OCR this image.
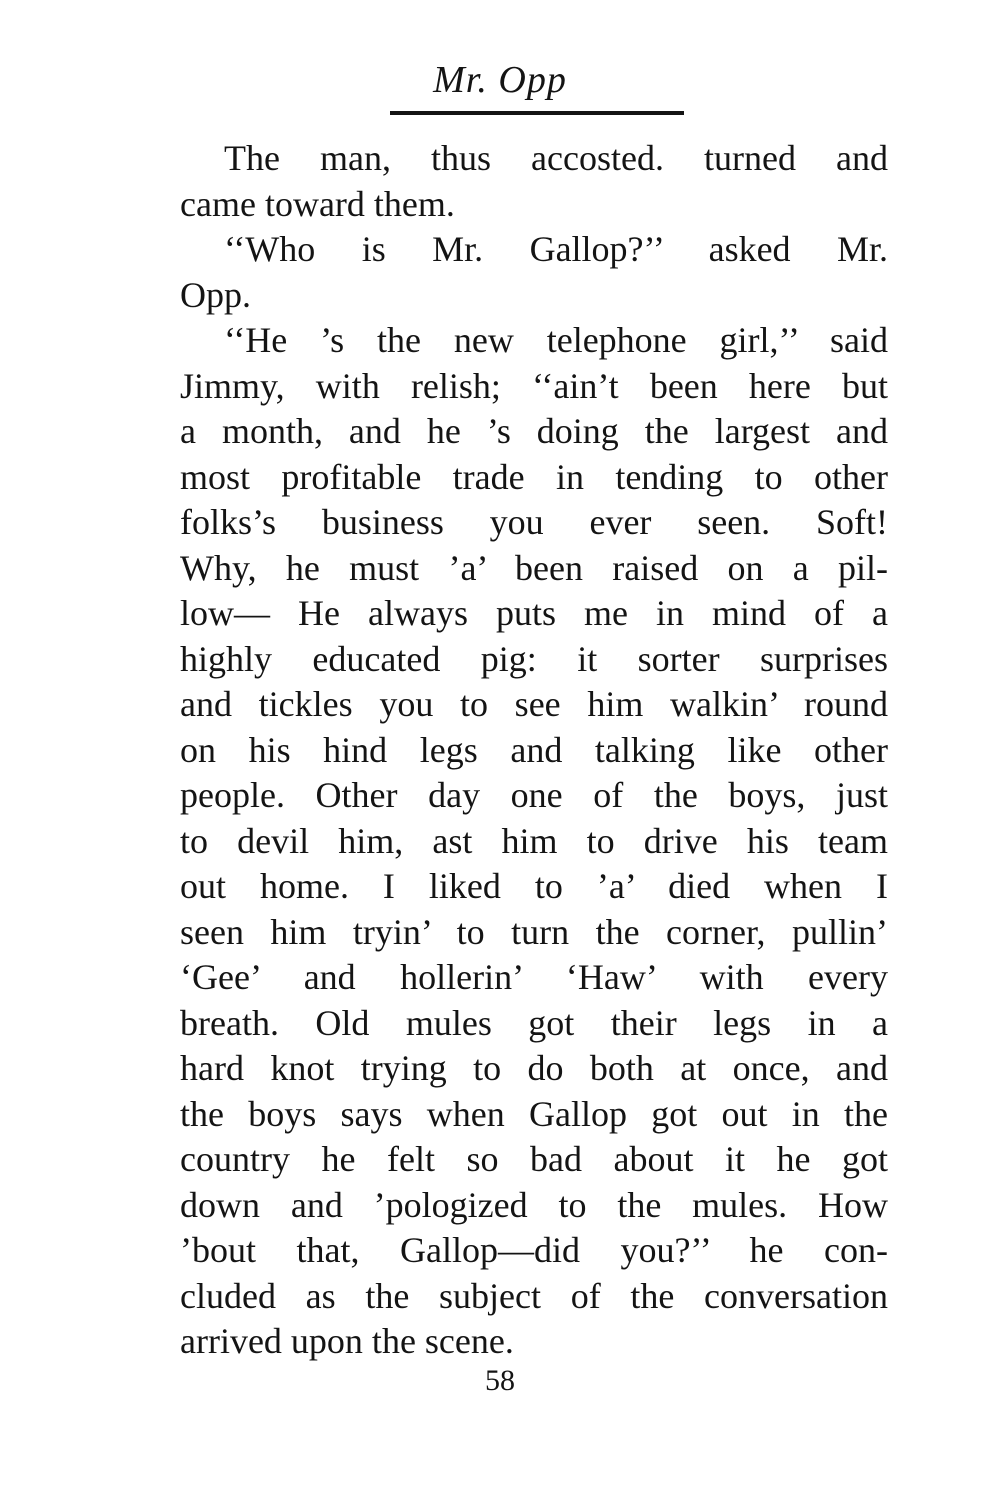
Mr. Opp
The man, thus accosted. turned and
came toward them.
‘‘Who is Mr. Gallop?’’ asked Mr.
Opp.
‘‘He ’s the new telephone girl,’’ said
Jimmy, with relish; ‘‘ain’t been here but
a month, and he ’s doing the largest and
most profitable trade in tending to other
folks’s business you ever seen. Soft!
Why, he must ’a’ been raised on a pil-
low— He always puts me in mind of a
highly educated pig: it sorter surprises
and tickles you to see him walkin’ round
on his hind legs and talking like other
people. Other day one of the boys, just
to devil him, ast him to drive his team
out home. I liked to ’a’ died when I
seen him tryin’ to turn the corner, pullin’
‘Gee’ and hollerin’ ‘Haw’ with every
breath. Old mules got their legs in a
hard knot trying to do both at once, and
the boys says when Gallop got out in the
country he felt so bad about it he got
down and ’pologized to the mules. How
’bout that, Gallop—did you?’’ he con-
cluded as the subject of the conversation
arrived upon the scene.
58
